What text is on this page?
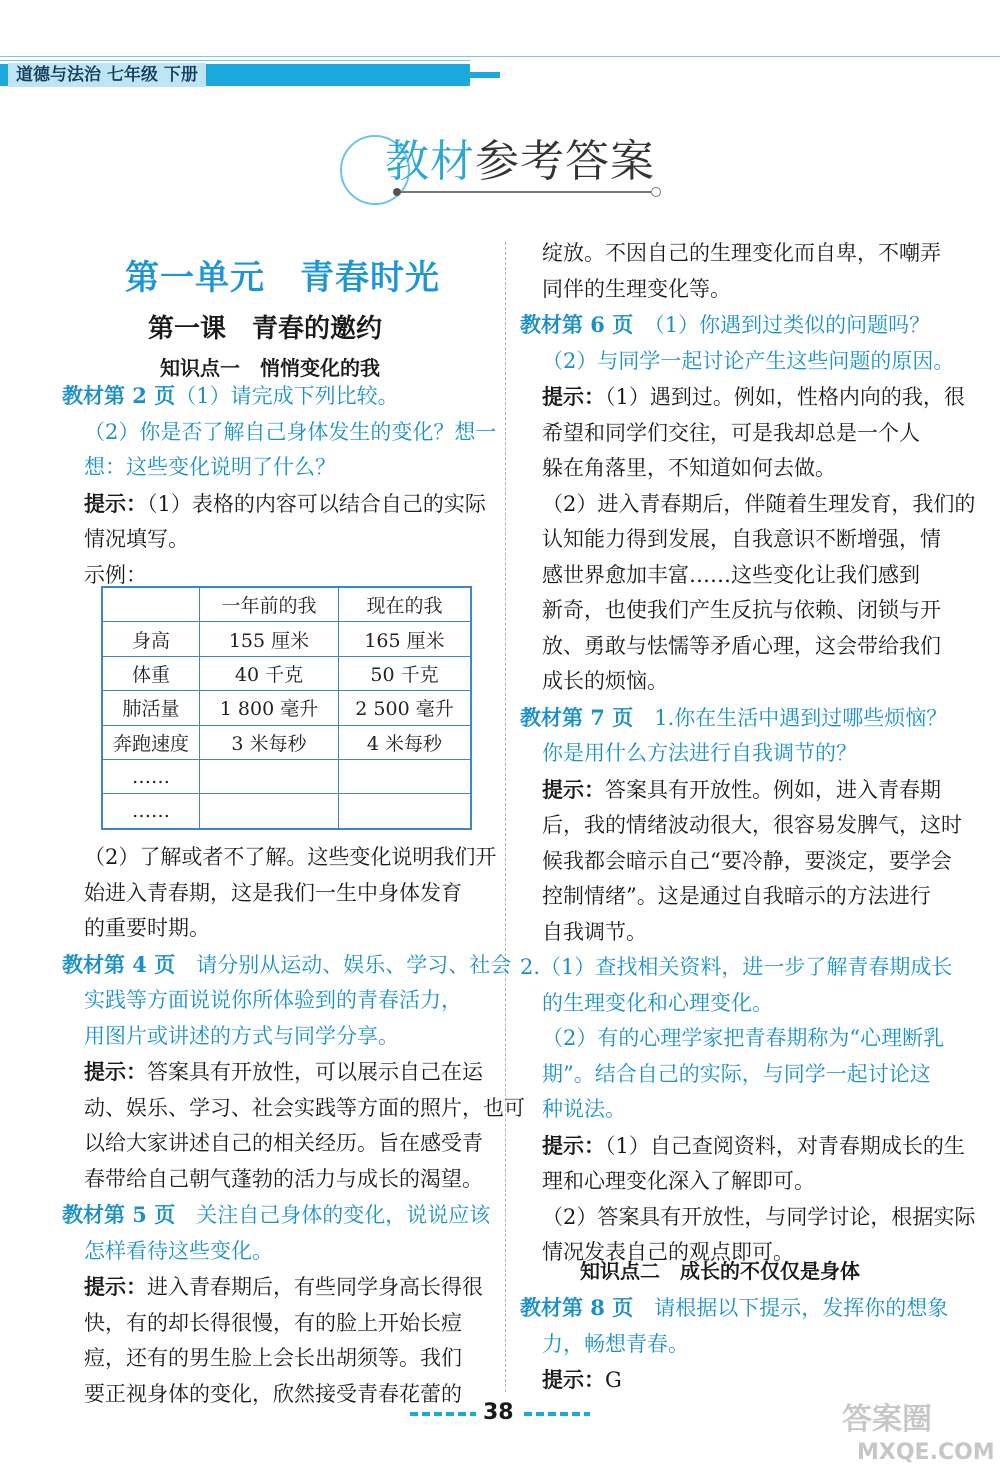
道德与法治 七年级 下册
教材参考答案
第一单元　青春时光
第一课　青春的邀约
知识点一　悄悄变化的我

教材第 2 页（1）请完成下列比较。

（2）你是否了解自己身体发生的变化？想一

想：这些变化说明了什么？

提示：（1）表格的内容可以结合自己的实际

情况填写。

示例：

	一年前的我	现在的我
身高	155 厘米	165 厘米
体重	40 千克	50 千克
肺活量	1 800 毫升	2 500 毫升
奔跑速度	3 米每秒	4 米每秒
……		
……		

（2）了解或者不了解。这些变化说明我们开

始进入青春期，这是我们一生中身体发育

的重要时期。

教材第 4 页　请分别从运动、娱乐、学习、社会

实践等方面说说你所体验到的青春活力，

用图片或讲述的方式与同学分享。

提示：答案具有开放性，可以展示自己在运

动、娱乐、学习、社会实践等方面的照片，也可

以给大家讲述自己的相关经历。旨在感受青

春带给自己朝气蓬勃的活力与成长的渴望。

教材第 5 页　关注自己身体的变化，说说应该

怎样看待这些变化。

提示：进入青春期后，有些同学身高长得很

快，有的却长得很慢，有的脸上开始长痘

痘，还有的男生脸上会长出胡须等。我们

要正视身体的变化，欣然接受青春花蕾的

绽放。不因自己的生理变化而自卑，不嘲弄

同伴的生理变化等。

教材第 6 页　（1）你遇到过类似的问题吗？

（2）与同学一起讨论产生这些问题的原因。

提示：（1）遇到过。例如，性格内向的我，很

希望和同学们交往，可是我却总是一个人

躲在角落里，不知道如何去做。

（2）进入青春期后，伴随着生理发育，我们的

认知能力得到发展，自我意识不断增强，情

感世界愈加丰富……这些变化让我们感到

新奇，也使我们产生反抗与依赖、闭锁与开

放、勇敢与怯懦等矛盾心理，这会带给我们

成长的烦恼。

教材第 7 页　1.你在生活中遇到过哪些烦恼？

你是用什么方法进行自我调节的？

提示：答案具有开放性。例如，进入青春期

后，我的情绪波动很大，很容易发脾气，这时

候我都会暗示自己“要冷静，要淡定，要学会

控制情绪”。这是通过自我暗示的方法进行

自我调节。

2.（1）查找相关资料，进一步了解青春期成长

的生理变化和心理变化。

（2）有的心理学家把青春期称为“心理断乳

期”。结合自己的实际，与同学一起讨论这

种说法。

提示：（1）自己查阅资料，对青春期成长的生

理和心理变化深入了解即可。

（2）答案具有开放性，与同学讨论，根据实际

情况发表自己的观点即可。

知识点二　成长的不仅仅是身体

教材第 8 页　请根据以下提示，发挥你的想象

力，畅想青春。

提示：G

38	答案圈
MXQE.COM
